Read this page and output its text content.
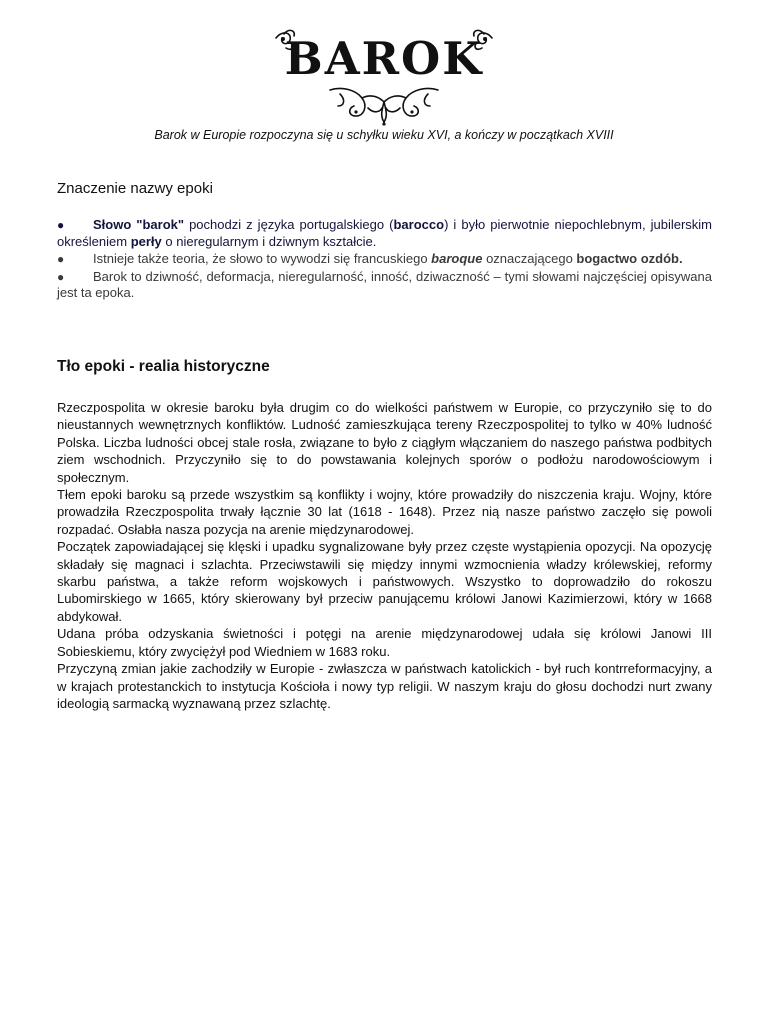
BAROK
Barok w Europie rozpoczyna się u schyłku wieku XVI, a kończy w początkach XVIII
Znaczenie nazwy epoki

● Słowo "barok" pochodzi z języka portugalskiego (barocco) i było pierwotnie niepochlebnym, jubilerskim określeniem perły o nieregularnym i dziwnym kształcie.

● Istnieje także teoria, że słowo to wywodzi się francuskiego baroque oznaczającego bogactwo ozdób.

● Barok to dziwność, deformacja, nieregularność, inność, dziwaczność – tymi słowami najczęściej opisywana jest ta epoka.

Tło epoki - realia historyczne

Rzeczpospolita w okresie baroku była drugim co do wielkości państwem w Europie, co przyczyniło się to do nieustannych wewnętrznych konfliktów. Ludność zamieszkująca tereny Rzeczpospolitej to tylko w 40% ludność Polska. Liczba ludności obcej stale rosła, związane to było z ciągłym włączaniem do naszego państwa podbitych ziem wschodnich. Przyczyniło się to do powstawania kolejnych sporów o podłożu narodowościowym i społecznym.

Tłem epoki baroku są przede wszystkim są konflikty i wojny, które prowadziły do niszczenia kraju. Wojny, które prowadziła Rzeczpospolita trwały łącznie 30 lat (1618 - 1648). Przez nią nasze państwo zaczęło się powoli rozpadać. Osłabła nasza pozycja na arenie międzynarodowej.

Początek zapowiadającej się klęski i upadku sygnalizowane były przez częste wystąpienia opozycji. Na opozycję składały się magnaci i szlachta. Przeciwstawili się między innymi wzmocnienia władzy królewskiej, reformy skarbu państwa, a także reform wojskowych i państwowych. Wszystko to doprowadziło do rokoszu Lubomirskiego w 1665, który skierowany był przeciw panującemu królowi Janowi Kazimierzowi, który w 1668 abdykował.

Udana próba odzyskania świetności i potęgi na arenie międzynarodowej udała się królowi Janowi III Sobieskiemu, który zwyciężył pod Wiedniem w 1683 roku.

Przyczyną zmian jakie zachodziły w Europie - zwłaszcza w państwach katolickich - był ruch kontrreformacyjny, a w krajach protestanckich to instytucja Kościoła i nowy typ religii. W naszym kraju do głosu dochodzi nurt zwany ideologią sarmacką wyznawaną przez szlachtę.
